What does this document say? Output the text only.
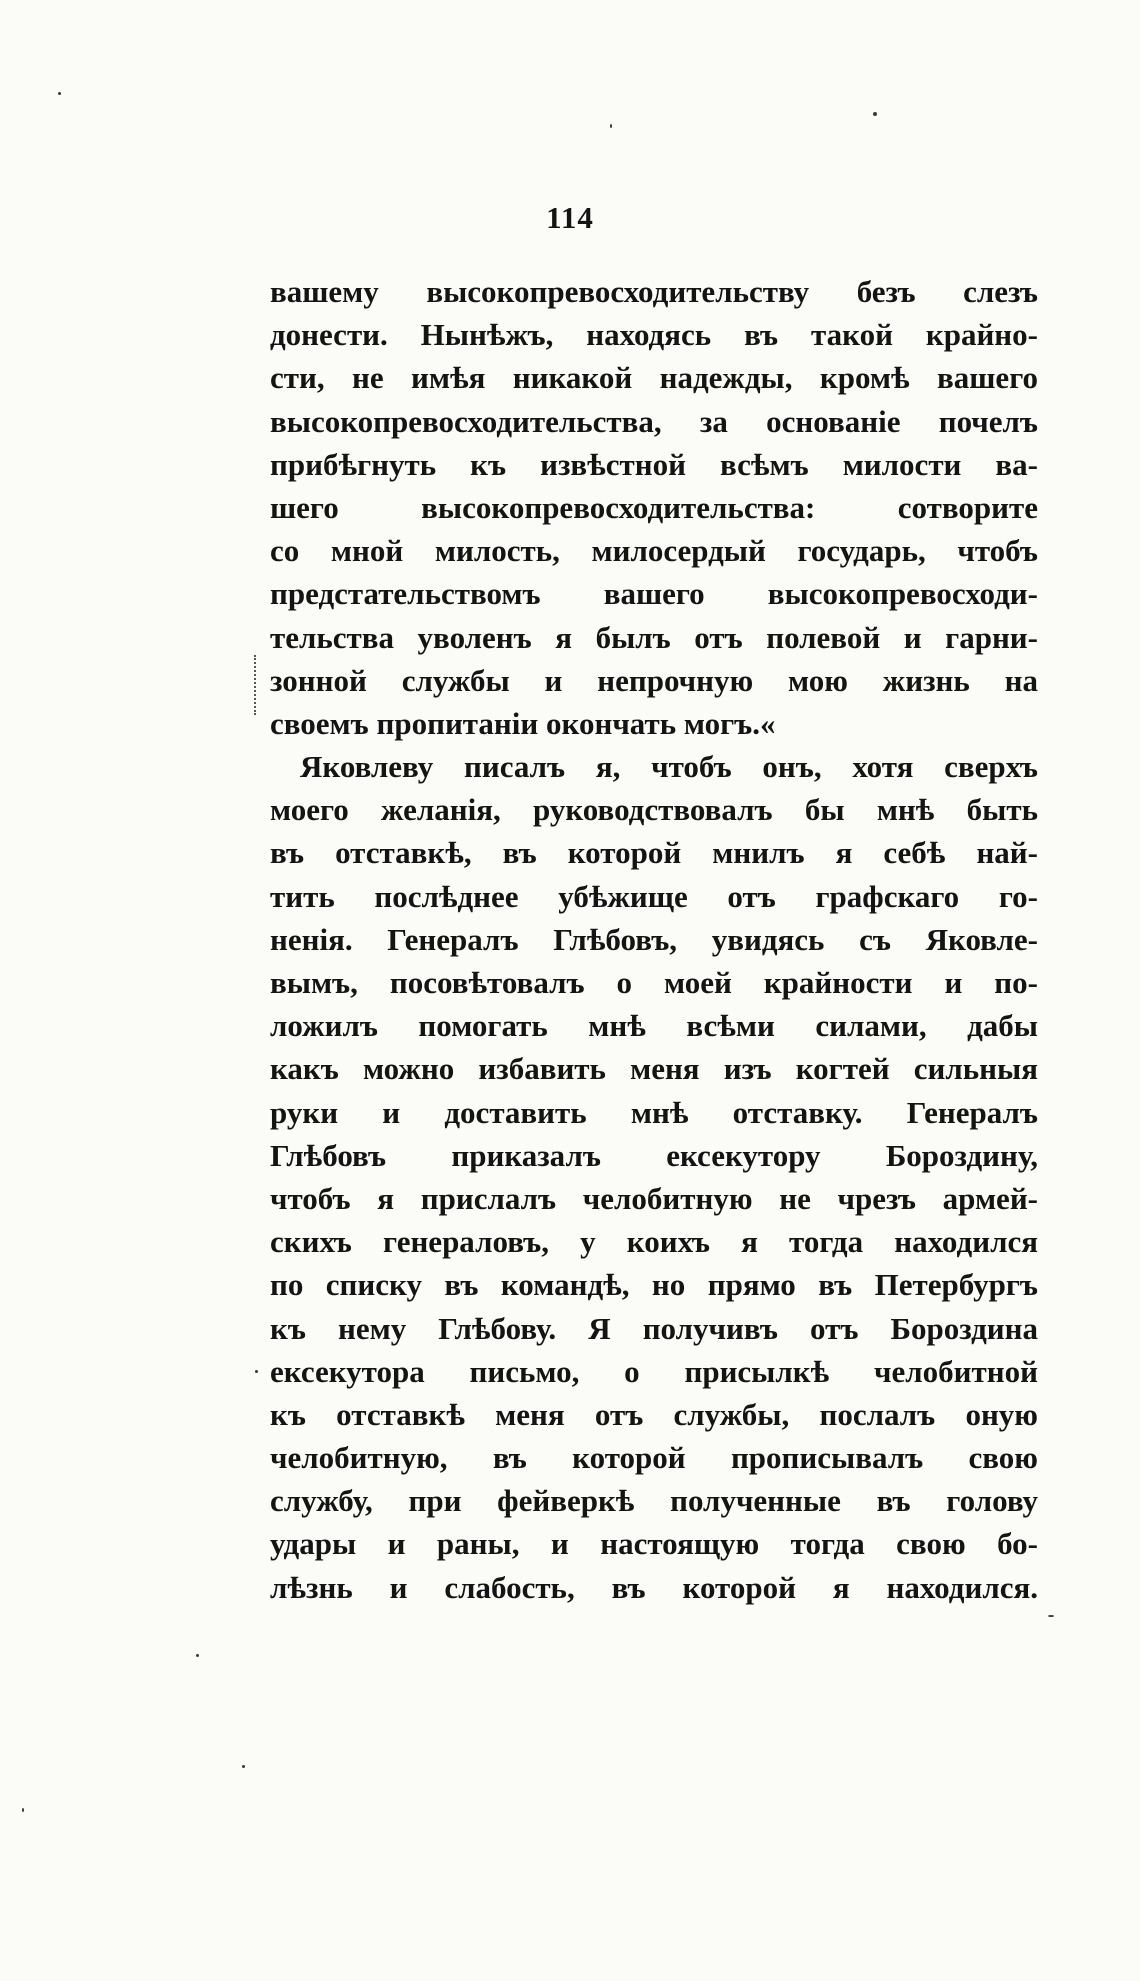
114
вашему высокопревосходительству безъ слезъ
донести. Нынѣжъ, находясь въ такой крайно-
сти, не имѣя никакой надежды, кромѣ вашего
высокопревосходительства, за основаніе почелъ
прибѣгнуть къ извѣстной всѣмъ милости ва-
шего высокопревосходительства: сотворите
со мной милость, милосердый государь, чтобъ
предстательствомъ вашего высокопревосходи-
тельства уволенъ я былъ отъ полевой и гарни-
зонной службы и непрочную мою жизнь на
своемъ пропитаніи окончать могъ.«
Яковлеву писалъ я, чтобъ онъ, хотя сверхъ
моего желанія, руководствовалъ бы мнѣ быть
въ отставкѣ, въ которой мнилъ я себѣ най-
тить послѣднее убѣжище отъ графскаго го-
ненія. Генералъ Глѣбовъ, увидясь съ Яковле-
вымъ, посовѣтовалъ о моей крайности и по-
ложилъ помогать мнѣ всѣми силами, дабы
какъ можно избавить меня изъ когтей сильныя
руки и доставить мнѣ отставку. Генералъ
Глѣбовъ приказалъ ексекутору Бороздину,
чтобъ я прислалъ челобитную не чрезъ армей-
скихъ генераловъ, у коихъ я тогда находился
по списку въ командѣ, но прямо въ Петербургъ
къ нему Глѣбову. Я получивъ отъ Бороздина
ексекутора письмо, о присылкѣ челобитной
къ отставкѣ меня отъ службы, послалъ оную
челобитную, въ которой прописывалъ свою
службу, при фейверкѣ полученные въ голову
удары и раны, и настоящую тогда свою бо-
лѣзнь и слабость, въ которой я находился.
